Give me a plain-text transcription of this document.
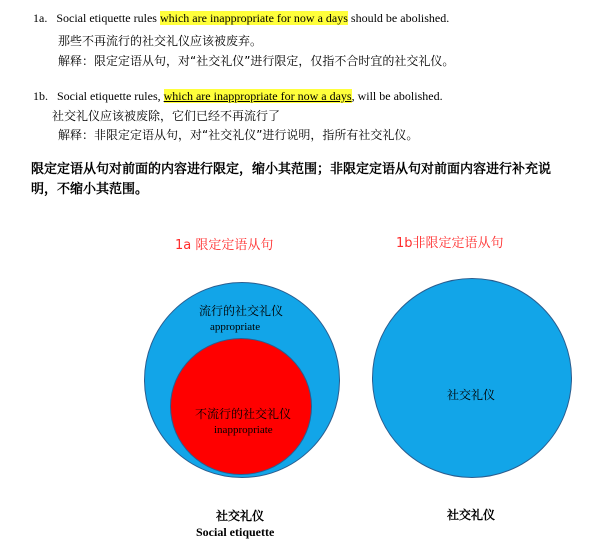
1a. Social etiquette rules which are inappropriate for now a days should be abolished.
那些不再流行的社交礼仪应该被废弃。
解释：限定定语从句，对“社交礼仪”进行限定，仅指不合时宜的社交礼仪。
1b. Social etiquette rules, which are inappropriate for now a days, will be abolished.
社交礼仪应该被废除，它们已经不再流行了
解释：非限定定语从句，对“社交礼仪”进行说明，指所有社交礼仪。
限定定语从句对前面的内容进行限定，缩小其范围；非限定定语从句对前面内容进行补充说
明，不缩小其范围。
1a 限定定语从句
流行的社交礼仪
appropriate
不流行的社交礼仪
inappropriate
社交礼仪
Social etiquette
1b非限定定语从句
社交礼仪
社交礼仪
